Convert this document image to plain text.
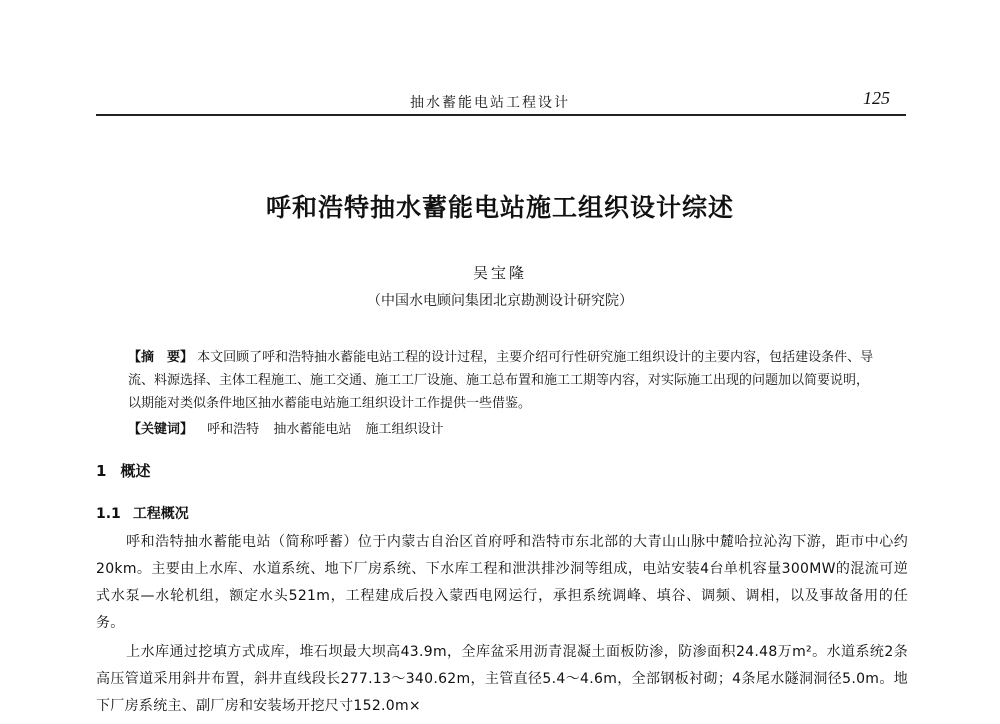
抽水蓄能电站工程设计	125
呼和浩特抽水蓄能电站施工组织设计综述
吴宝隆
（中国水电顾问集团北京勘测设计研究院）
【摘　要】 本文回顾了呼和浩特抽水蓄能电站工程的设计过程，主要介绍可行性研究施工组织设计的主要内容，包括建设条件、导流、料源选择、主体工程施工、施工交通、施工工厂设施、施工总布置和施工工期等内容，对实际施工出现的问题加以简要说明，以期能对类似条件地区抽水蓄能电站施工组织设计工作提供一些借鉴。
【关键词】 呼和浩特 抽水蓄能电站 施工组织设计
1 概述
1.1 工程概况
呼和浩特抽水蓄能电站（简称呼蓄）位于内蒙古自治区首府呼和浩特市东北部的大青山山脉中麓哈拉沁沟下游，距市中心约20km。主要由上水库、水道系统、地下厂房系统、下水库工程和泄洪排沙洞等组成，电站安装4台单机容量300MW的混流可逆式水泵—水轮机组，额定水头521m，工程建成后投入蒙西电网运行，承担系统调峰、填谷、调频、调相，以及事故备用的任务。
上水库通过挖填方式成库，堆石坝最大坝高43.9m，全库盆采用沥青混凝土面板防渗，防渗面积24.48万m²。水道系统2条高压管道采用斜井布置，斜井直线段长277.13～340.62m，主管直径5.4～4.6m，全部钢板衬砌；4条尾水隧洞洞径5.0m。地下厂房系统主、副厂房和安装场开挖尺寸152.0m×
